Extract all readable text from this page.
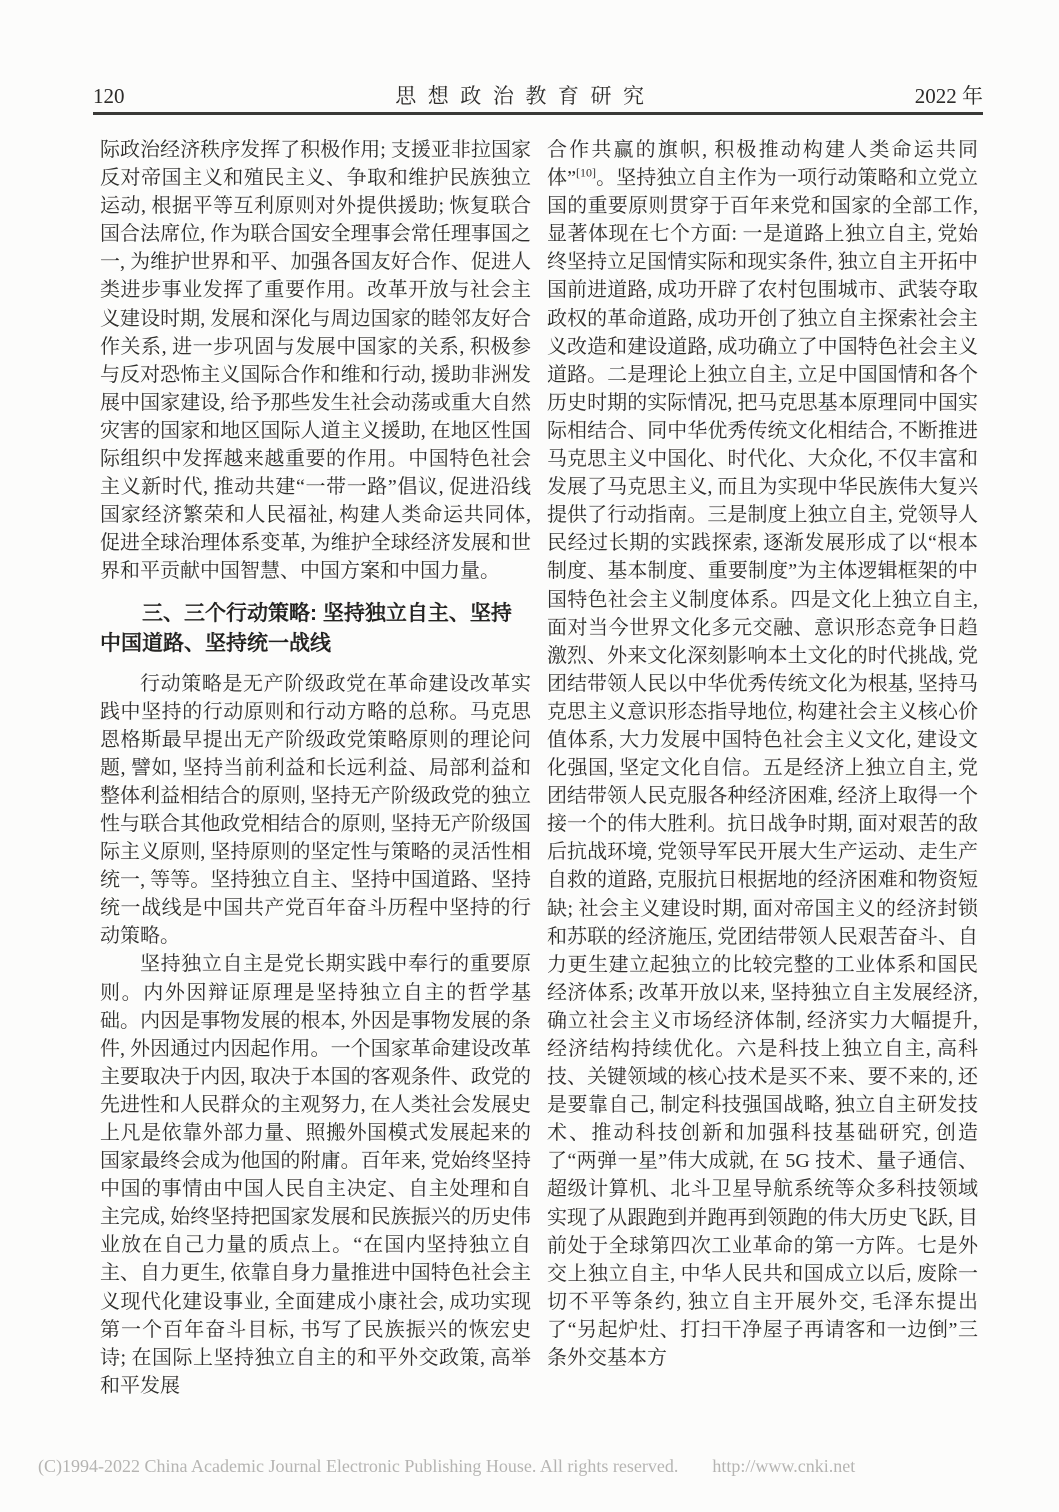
120	思想政治教育研究	2022 年

际政治经济秩序发挥了积极作用; 支援亚非拉国家反对帝国主义和殖民主义、争取和维护民族独立运动, 根据平等互利原则对外提供援助; 恢复联合国合法席位, 作为联合国安全理事会常任理事国之一, 为维护世界和平、加强各国友好合作、促进人类进步事业发挥了重要作用。改革开放与社会主义建设时期, 发展和深化与周边国家的睦邻友好合作关系, 进一步巩固与发展中国家的关系, 积极参与反对恐怖主义国际合作和维和行动, 援助非洲发展中国家建设, 给予那些发生社会动荡或重大自然灾害的国家和地区国际人道主义援助, 在地区性国际组织中发挥越来越重要的作用。中国特色社会主义新时代, 推动共建“一带一路”倡议, 促进沿线国家经济繁荣和人民福祉, 构建人类命运共同体, 促进全球治理体系变革, 为维护全球经济发展和世界和平贡献中国智慧、中国方案和中国力量。

三、三个行动策略: 坚持独立自主、坚持中国道路、坚持统一战线

行动策略是无产阶级政党在革命建设改革实践中坚持的行动原则和行动方略的总称。马克思恩格斯最早提出无产阶级政党策略原则的理论问题, 譬如, 坚持当前利益和长远利益、局部利益和整体利益相结合的原则, 坚持无产阶级政党的独立性与联合其他政党相结合的原则, 坚持无产阶级国际主义原则, 坚持原则的坚定性与策略的灵活性相统一, 等等。坚持独立自主、坚持中国道路、坚持统一战线是中国共产党百年奋斗历程中坚持的行动策略。

坚持独立自主是党长期实践中奉行的重要原则。内外因辩证原理是坚持独立自主的哲学基础。内因是事物发展的根本, 外因是事物发展的条件, 外因通过内因起作用。一个国家革命建设改革主要取决于内因, 取决于本国的客观条件、政党的先进性和人民群众的主观努力, 在人类社会发展史上凡是依靠外部力量、照搬外国模式发展起来的国家最终会成为他国的附庸。百年来, 党始终坚持中国的事情由中国人民自主决定、自主处理和自主完成, 始终坚持把国家发展和民族振兴的历史伟业放在自己力量的质点上。“在国内坚持独立自主、自力更生, 依靠自身力量推进中国特色社会主义现代化建设事业, 全面建成小康社会, 成功实现第一个百年奋斗目标, 书写了民族振兴的恢宏史诗; 在国际上坚持独立自主的和平外交政策, 高举和平发展

合作共赢的旗帜, 积极推动构建人类命运共同体”[10]。坚持独立自主作为一项行动策略和立党立国的重要原则贯穿于百年来党和国家的全部工作, 显著体现在七个方面: 一是道路上独立自主, 党始终坚持立足国情实际和现实条件, 独立自主开拓中国前进道路, 成功开辟了农村包围城市、武装夺取政权的革命道路, 成功开创了独立自主探索社会主义改造和建设道路, 成功确立了中国特色社会主义道路。二是理论上独立自主, 立足中国国情和各个历史时期的实际情况, 把马克思基本原理同中国实际相结合、同中华优秀传统文化相结合, 不断推进马克思主义中国化、时代化、大众化, 不仅丰富和发展了马克思主义, 而且为实现中华民族伟大复兴提供了行动指南。三是制度上独立自主, 党领导人民经过长期的实践探索, 逐渐发展形成了以“根本制度、基本制度、重要制度”为主体逻辑框架的中国特色社会主义制度体系。四是文化上独立自主, 面对当今世界文化多元交融、意识形态竞争日趋激烈、外来文化深刻影响本土文化的时代挑战, 党团结带领人民以中华优秀传统文化为根基, 坚持马克思主义意识形态指导地位, 构建社会主义核心价值体系, 大力发展中国特色社会主义文化, 建设文化强国, 坚定文化自信。五是经济上独立自主, 党团结带领人民克服各种经济困难, 经济上取得一个接一个的伟大胜利。抗日战争时期, 面对艰苦的敌后抗战环境, 党领导军民开展大生产运动、走生产自救的道路, 克服抗日根据地的经济困难和物资短缺; 社会主义建设时期, 面对帝国主义的经济封锁和苏联的经济施压, 党团结带领人民艰苦奋斗、自力更生建立起独立的比较完整的工业体系和国民经济体系; 改革开放以来, 坚持独立自主发展经济, 确立社会主义市场经济体制, 经济实力大幅提升, 经济结构持续优化。六是科技上独立自主, 高科技、关键领域的核心技术是买不来、要不来的, 还是要靠自己, 制定科技强国战略, 独立自主研发技术、推动科技创新和加强科技基础研究, 创造了“两弹一星”伟大成就, 在 5G 技术、量子通信、超级计算机、北斗卫星导航系统等众多科技领域实现了从跟跑到并跑再到领跑的伟大历史飞跃, 目前处于全球第四次工业革命的第一方阵。七是外交上独立自主, 中华人民共和国成立以后, 废除一切不平等条约, 独立自主开展外交, 毛泽东提出了“另起炉灶、打扫干净屋子再请客和一边倒”三条外交基本方

(C)1994-2022 China Academic Journal Electronic Publishing House. All rights reserved. http://www.cnki.net
